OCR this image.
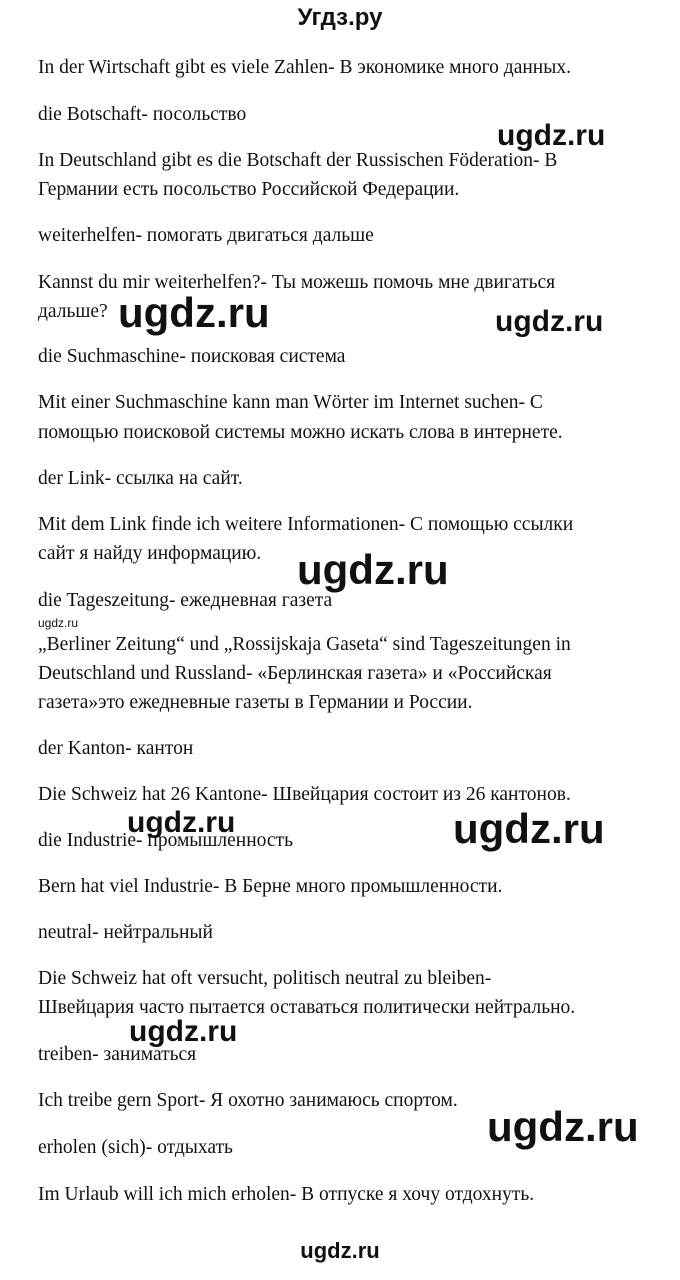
Угдз.ру
In der Wirtschaft gibt es viele Zahlen- В экономике много данных.
die Botschaft- посольство
In Deutschland gibt es die Botschaft der Russischen Föderation- В
Германии есть посольство Российской Федерации.
weiterhelfen- помогать двигаться дальше
Kannst du mir weiterhelfen?- Ты можешь помочь мне двигаться
дальше?
die Suchmaschine- поисковая система
Mit einer Suchmaschine kann man Wörter im Internet suchen- С
помощью поисковой системы можно искать слова в интернете.
der Link- ссылка на сайт.
Mit dem Link finde ich weitere Informationen- С помощью ссылки
сайт я найду информацию.
die Tageszeitung- ежедневная газета
„Berliner Zeitung“ und „Rossijskaja Gaseta“ sind Tageszeitungen in
Deutschland und Russland- «Берлинская газета» и «Российская
газета»это ежедневные газеты в Германии и России.
der Kanton- кантон
Die Schweiz hat 26 Kantone- Швейцария состоит из 26 кантонов.
die Industrie- промышленность
Bern hat viel Industrie- В Берне много промышленности.
neutral- нейтральный
Die Schweiz hat oft versucht, politisch neutral zu bleiben-
Швейцария часто пытается оставаться политически нейтрально.
treiben- заниматься
Ich treibe gern Sport- Я охотно занимаюсь спортом.
erholen (sich)- отдыхать
Im Urlaub will ich mich erholen- В отпуске я хочу отдохнуть.
ugdz.ru
ugdz.ru	ugdz.ru
ugdz.ru
ugdz.ru
ugdz.ru	ugdz.ru
ugdz.ru
ugdz.ru
ugdz.ru
